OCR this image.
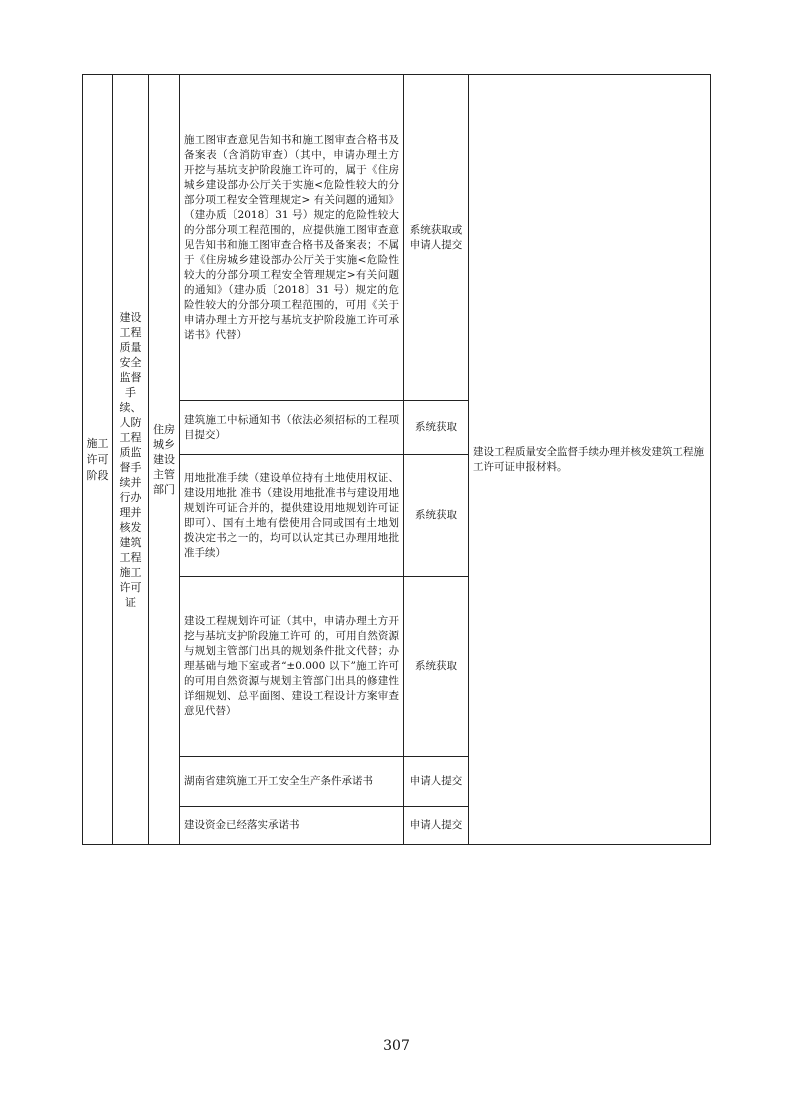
施工许可阶段	建设工程质量安全监督手续、人防工程质监督手续并行办理并核发建筑工程施工许可证	住房城乡建设主管部门	施工图审查意见告知书和施工图审查合格书及备案表（含消防审查）（其中，申请办理土方开挖与基坑支护阶段施工许可的，属于《住房城乡建设部办公厅关于实施<危险性较大的分部分项工程安全管理规定> 有关问题的通知》（建办质〔2018〕31 号）规定的危险性较大的分部分项工程范围的，应提供施工图审查意见告知书和施工图审查合格书及备案表；不属于《住房城乡建设部办公厅关于实施<危险性较大的分部分项工程安全管理规定>有关问题的通知》（建办质〔2018〕31 号）规定的危险性较大的分部分项工程范围的，可用《关于申请办理土方开挖与基坑支护阶段施工许可承诺书》代替）	系统获取或申请人提交	建设工程质量安全监督手续办理并核发建筑工程施工许可证申报材料。

			建筑施工中标通知书（依法必须招标的工程项目提交）	系统获取	

			用地批准手续（建设单位持有土地使用权证、建设用地批 准书（建设用地批准书与建设用地规划许可证合并的，提供建设用地规划许可证即可）、国有土地有偿使用合同或国有土地划拨决定书之一的，均可以认定其已办理用地批准手续）	系统获取	

			建设工程规划许可证（其中，申请办理土方开挖与基坑支护阶段施工许可 的，可用自然资源与规划主管部门出具的规划条件批文代替；办理基础与地下室或者“±0.000 以下”施工许可的可用自然资源与规划主管部门出具的修建性详细规划、总平面图、建设工程设计方案审查意见代替）	系统获取	

			湖南省建筑施工开工安全生产条件承诺书	申请人提交	

			建设资金已经落实承诺书	申请人提交	
307
